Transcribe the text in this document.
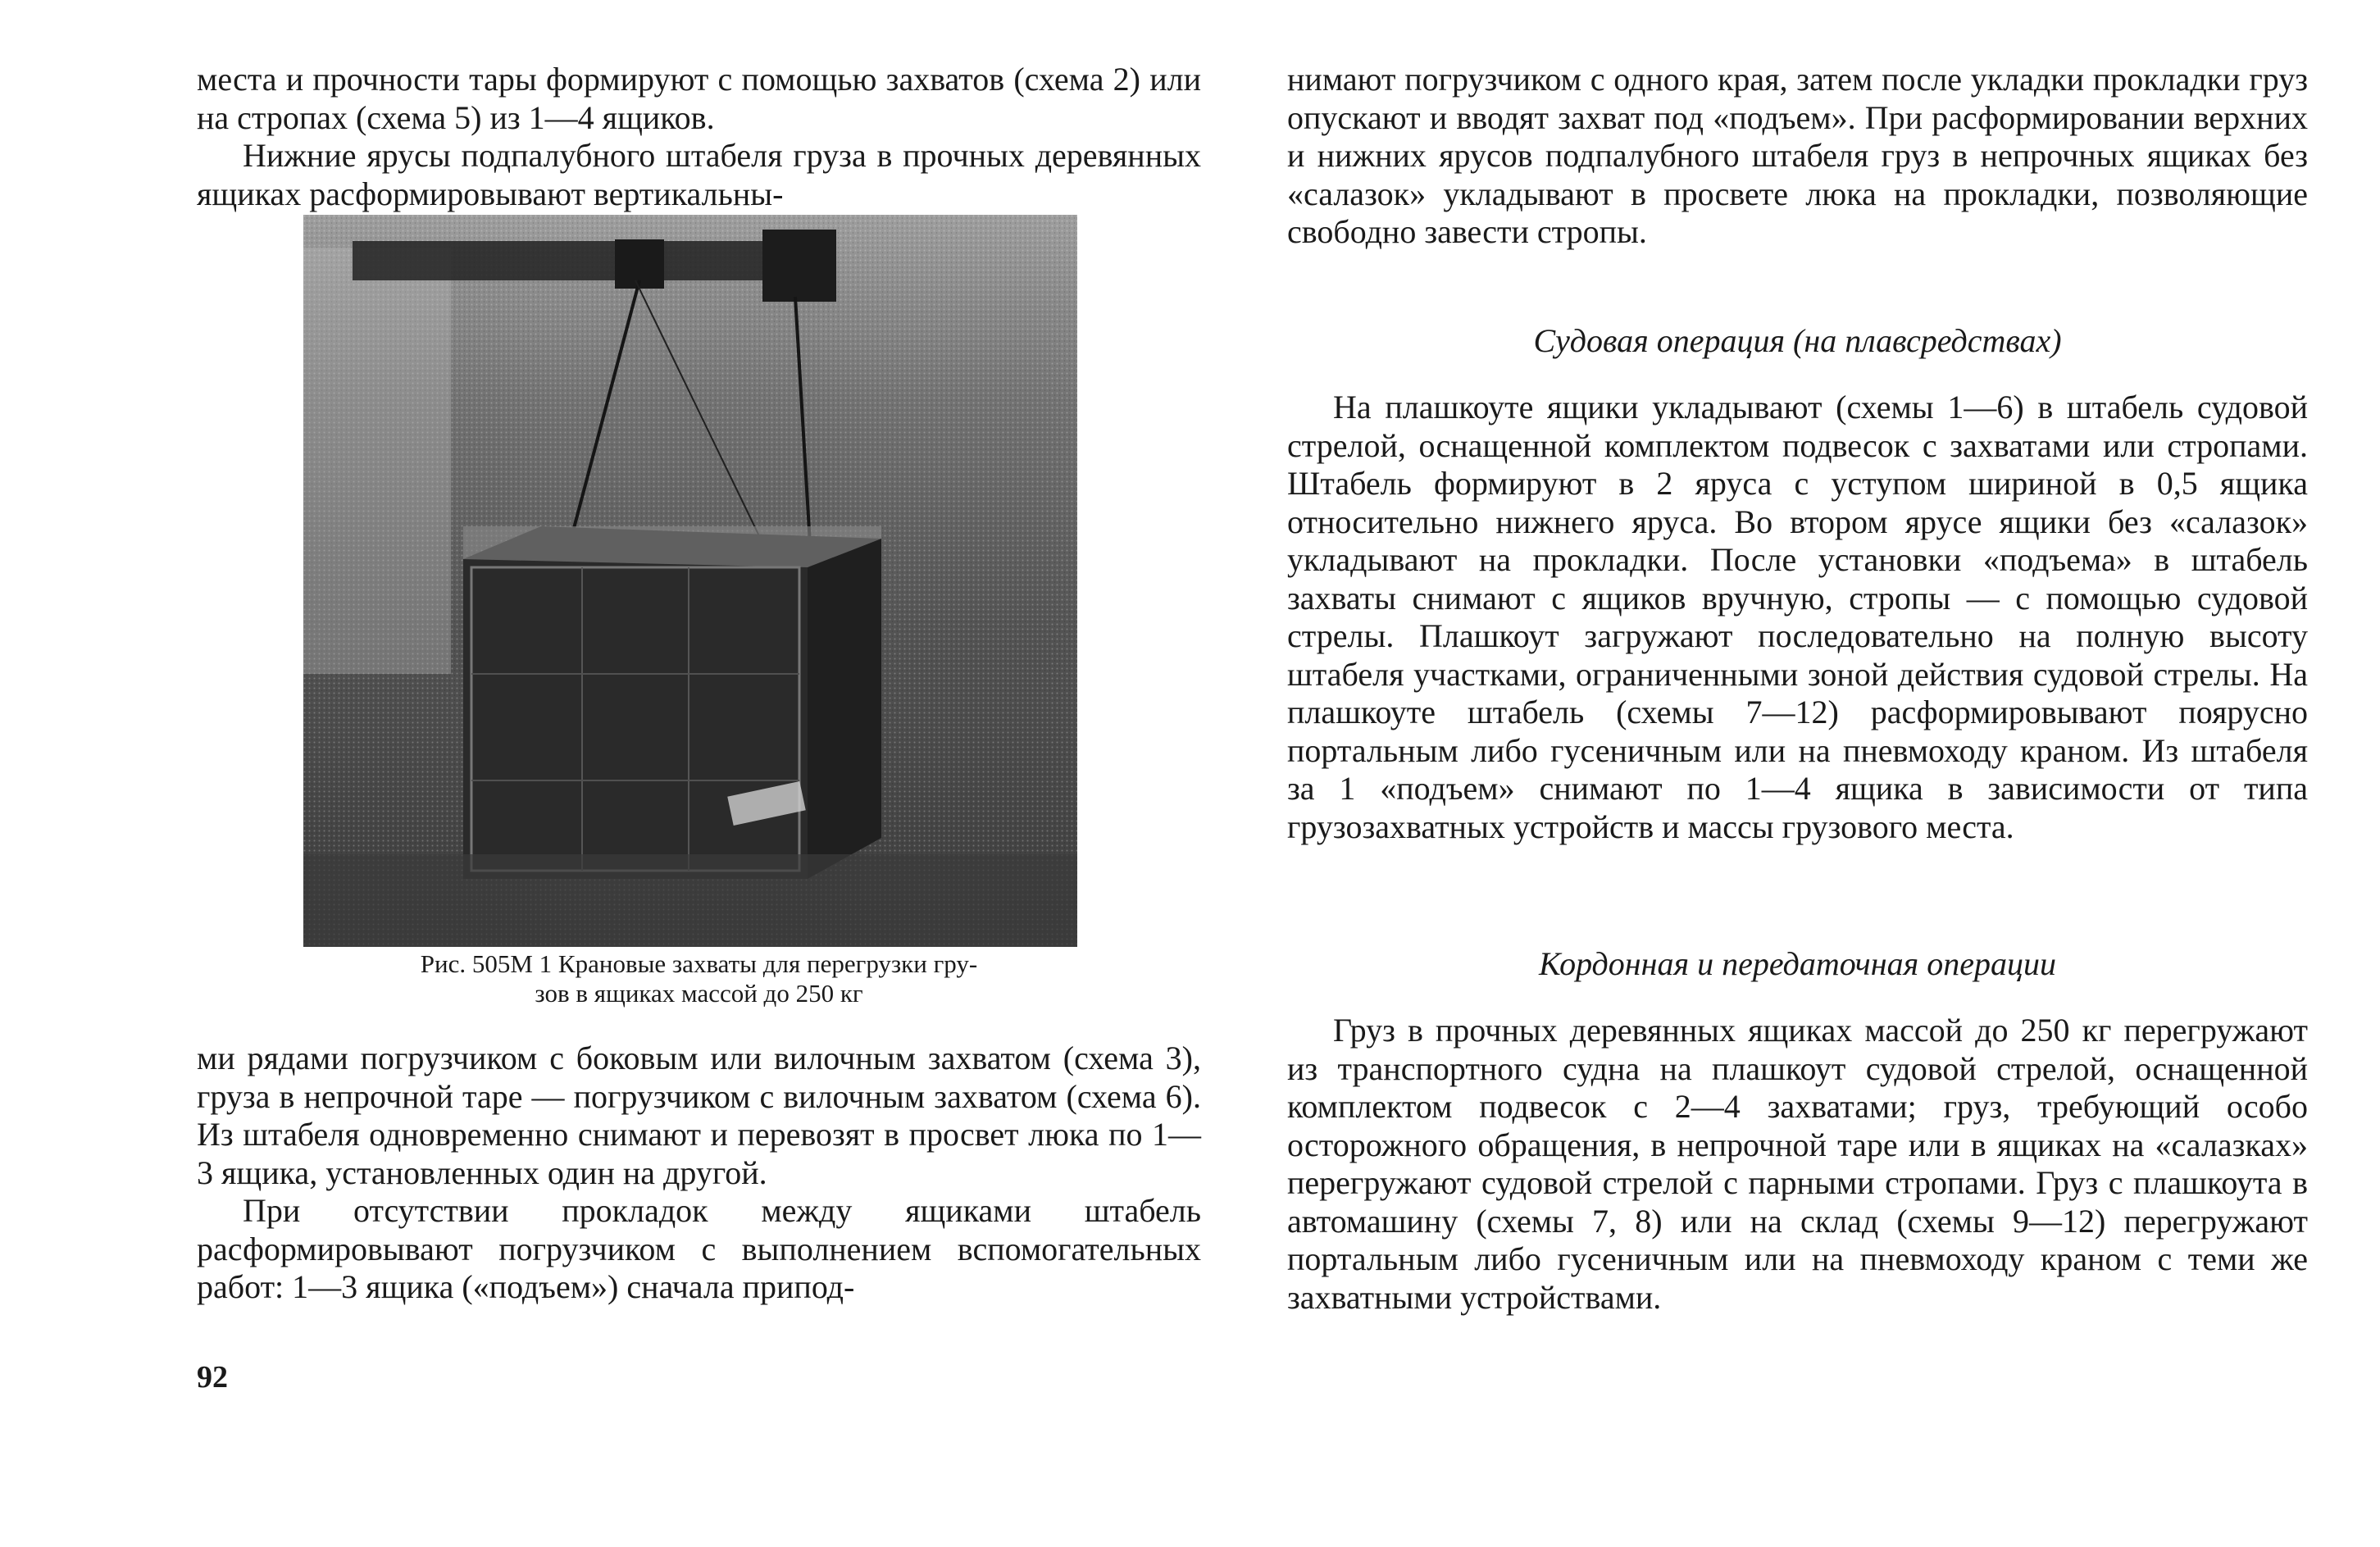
места и прочности тары формируют с помощью захватов (схема 2) или на стропах (схема 5) из 1—4 ящиков.

Нижние ярусы подпалубного штабеля груза в прочных деревянных ящиках расформировывают вертикальны-

Рис. 505М 1 Крановые захваты для перегрузки гру-
зов в ящиках массой до 250 кг

ми рядами погрузчиком с боковым или вилочным захватом (схема 3), груза в непрочной таре — погрузчиком с вилочным захватом (схема 6). Из штабеля одновременно снимают и перевозят в просвет люка по 1—3 ящика, установленных один на другой.

При отсутствии прокладок между ящиками штабель расформировывают погрузчиком с выполнением вспомогательных работ: 1—3 ящика («подъем») сначала припод-

92

нимают погрузчиком с одного края, затем после укладки прокладки груз опускают и вводят захват под «подъем». При расформировании верхних и нижних ярусов подпалубного штабеля груз в непрочных ящиках без «салазок» укладывают в просвете люка на прокладки, позволяющие свободно завести стропы.

Судовая операция (на плавсредствах)

На плашкоуте ящики укладывают (схемы 1—6) в штабель судовой стрелой, оснащенной комплектом подвесок с захватами или стропами. Штабель формируют в 2 яруса с уступом шириной в 0,5 ящика относительно нижнего яруса. Во втором ярусе ящики без «салазок» укладывают на прокладки. После установки «подъема» в штабель захваты снимают с ящиков вручную, стропы — с помощью судовой стрелы. Плашкоут загружают последовательно на полную высоту штабеля участками, ограниченными зоной действия судовой стрелы. На плашкоуте штабель (схемы 7—12) расформировывают поярусно портальным либо гусеничным или на пневмоходу краном. Из штабеля за 1 «подъем» снимают по 1—4 ящика в зависимости от типа грузозахватных устройств и массы грузового места.

Кордонная и передаточная операции

Груз в прочных деревянных ящиках массой до 250 кг перегружают из транспортного судна на плашкоут судовой стрелой, оснащенной комплектом подвесок с 2—4 захватами; груз, требующий особо осторожного обращения, в непрочной таре или в ящиках на «салазках» перегружают судовой стрелой с парными стропами. Груз с плашкоута в автомашину (схемы 7, 8) или на склад (схемы 9—12) перегружают портальным либо гусеничным или на пневмоходу краном с теми же захватными устройствами.
